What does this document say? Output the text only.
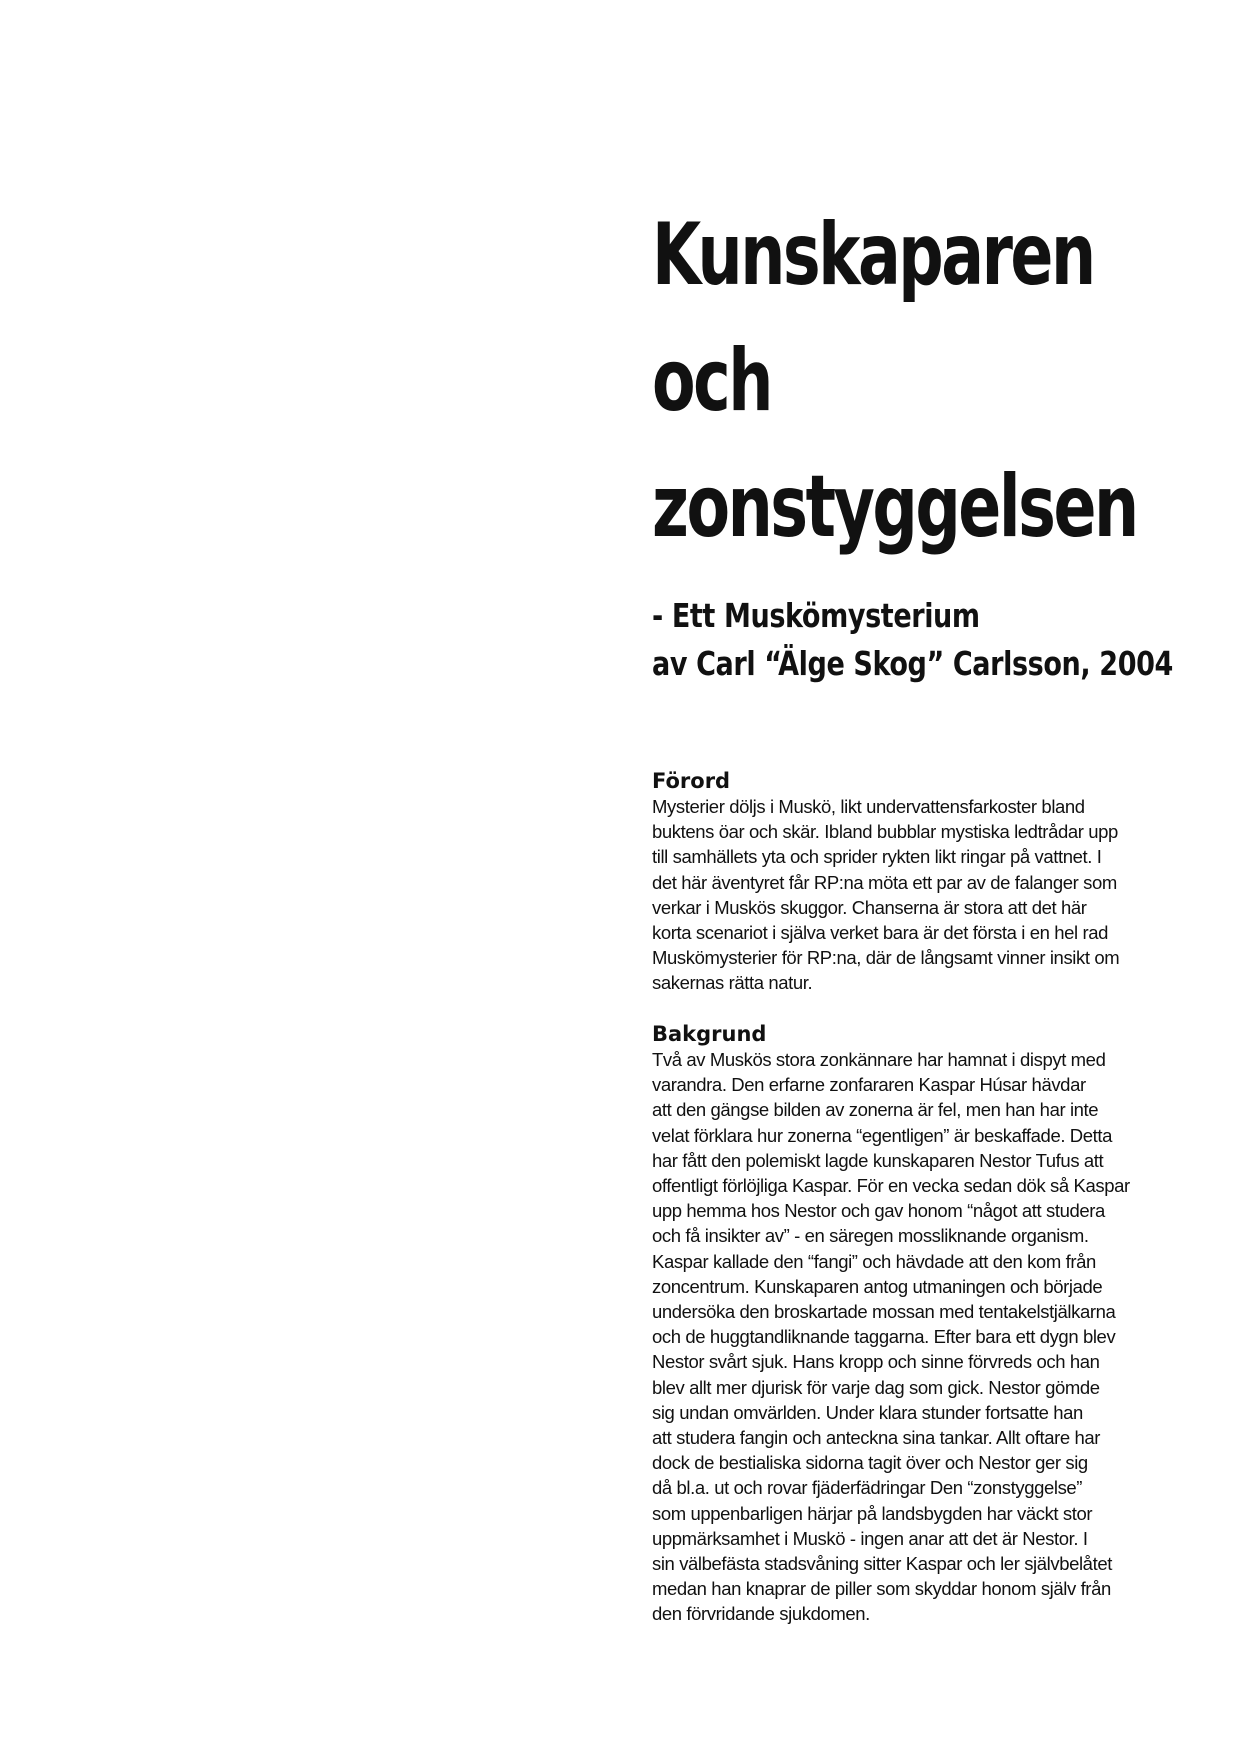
Kunskaparen
och
zonstyggelsen
- Ett Muskömysterium
av Carl “Älge Skog” Carlsson, 2004
Förord

Mysterier döljs i Muskö, likt undervattensfarkoster bland
buktens öar och skär. Ibland bubblar mystiska ledtrådar upp
till samhällets yta och sprider rykten likt ringar på vattnet. I
det här äventyret får RP:na möta ett par av de falanger som
verkar i Muskös skuggor. Chanserna är stora att det här
korta scenariot i själva verket bara är det första i en hel rad
Muskömysterier för RP:na, där de långsamt vinner insikt om
sakernas rätta natur.

Bakgrund

Två av Muskös stora zonkännare har hamnat i dispyt med
varandra. Den erfarne zonfararen Kaspar Húsar hävdar
att den gängse bilden av zonerna är fel, men han har inte
velat förklara hur zonerna “egentligen” är beskaffade. Detta
har fått den polemiskt lagde kunskaparen Nestor Tufus att
offentligt förlöjliga Kaspar. För en vecka sedan dök så Kaspar
upp hemma hos Nestor och gav honom “något att studera
och få insikter av” - en säregen mossliknande organism.
Kaspar kallade den “fangi” och hävdade att den kom från
zoncentrum. Kunskaparen antog utmaningen och började
undersöka den broskartade mossan med tentakelstjälkarna
och de huggtandliknande taggarna. Efter bara ett dygn blev
Nestor svårt sjuk. Hans kropp och sinne förvreds och han
blev allt mer djurisk för varje dag som gick. Nestor gömde
sig undan omvärlden. Under klara stunder fortsatte han
att studera fangin och anteckna sina tankar. Allt oftare har
dock de bestialiska sidorna tagit över och Nestor ger sig
då bl.a. ut och rovar fjäderfädringar Den “zonstyggelse”
som uppenbarligen härjar på landsbygden har väckt stor
uppmärksamhet i Muskö - ingen anar att det är Nestor. I
sin välbefästa stadsvåning sitter Kaspar och ler självbelåtet
medan han knaprar de piller som skyddar honom själv från
den förvridande sjukdomen.
